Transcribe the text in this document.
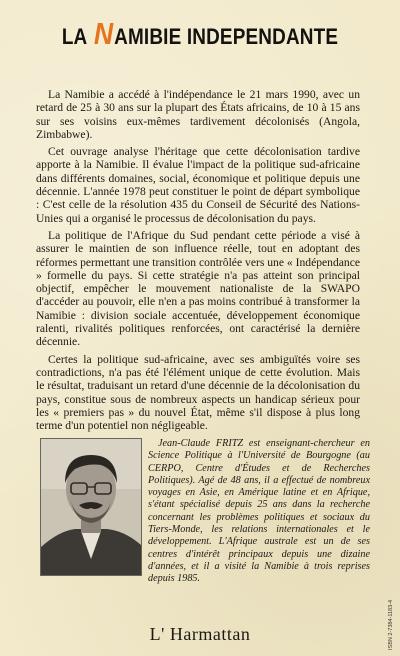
LA NAMIBIE INDEPENDANTE

La Namibie a accédé à l'indépendance le 21 mars 1990, avec un retard de 25 à 30 ans sur la plupart des États africains, de 10 à 15 ans sur ses voisins eux-mêmes tardivement décolonisés (Angola, Zimbabwe).

Cet ouvrage analyse l'héritage que cette décolonisation tardive apporte à la Namibie. Il évalue l'impact de la politique sud-africaine dans différents domaines, social, économique et politique depuis une décennie. L'année 1978 peut constituer le point de départ symbolique : C'est celle de la résolution 435 du Conseil de Sécurité des Nations-Unies qui a organisé le processus de décolonisation du pays.

La politique de l'Afrique du Sud pendant cette période a visé à assurer le maintien de son influence réelle, tout en adoptant des réformes permettant une transition contrôlée vers une « Indépendance » formelle du pays. Si cette stratégie n'a pas atteint son principal objectif, empêcher le mouvement nationaliste de la SWAPO d'accéder au pouvoir, elle n'en a pas moins contribué à transformer la Namibie : division sociale accentuée, développement économique ralenti, rivalités politiques renforcées, ont caractérisé la dernière décennie.

Certes la politique sud-africaine, avec ses ambiguïtés voire ses contradictions, n'a pas été l'élément unique de cette évolution. Mais le résultat, traduisant un retard d'une décennie de la décolonisation du pays, constitue sous de nombreux aspects un handicap sérieux pour les « premiers pas » du nouvel État, même s'il dispose à plus long terme d'un potentiel non négligeable.

Jean-Claude FRITZ est enseignant-chercheur en Science Politique à l'Université de Bourgogne (au CERPO, Centre d'Études et de Recherches Politiques). Agé de 48 ans, il a effectué de nombreux voyages en Asie, en Amérique latine et en Afrique, s'étant spécialisé depuis 25 ans dans la recherche concernant les problèmes politiques et sociaux du Tiers-Monde, les relations internationales et le développement. L'Afrique australe est un de ses centres d'intérêt principaux depuis une dizaine d'années, et il a visité la Namibie à trois reprises depuis 1985.

L' Harmattan	ISBN 2-7384-1183-4
